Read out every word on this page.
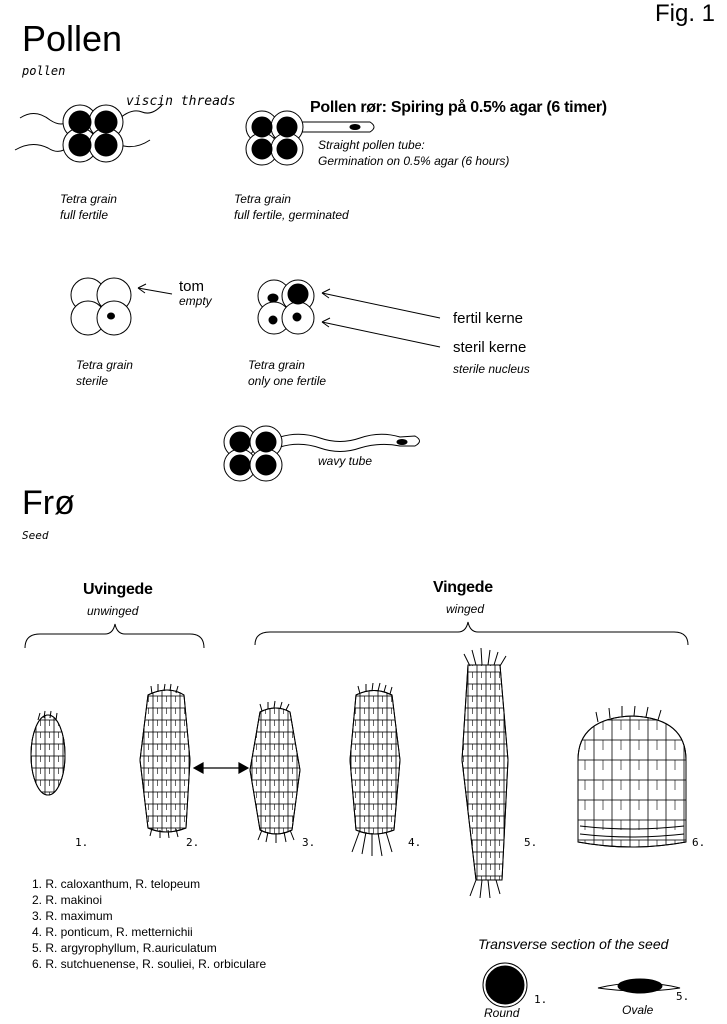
Fig. 1
Pollen
pollen
viscin threads	Pollen rør: Spiring på 0.5% agar (6 timer)
Straight pollen tube:
Germination on 0.5% agar (6 hours)
Tetra grain
full fertile
Tetra grain
full fertile, germinated
tom
empty
fertil kerne
steril kerne
sterile nucleus
Tetra grain
sterile
Tetra grain
only one fertile
wavy tube
Frø
Seed
Uvingede
unwinged
Vingede
winged
1.	2.	3.	4.	5.	6.
1. R. caloxanthum, R. telopeum
2. R. makinoi
3. R. maximum
4. R. ponticum, R. metternichii
5. R. argyrophyllum, R.auriculatum
6. R. sutchuenense, R. souliei, R. orbiculare
Transverse section of the seed
Round
1.
Ovale
5.
